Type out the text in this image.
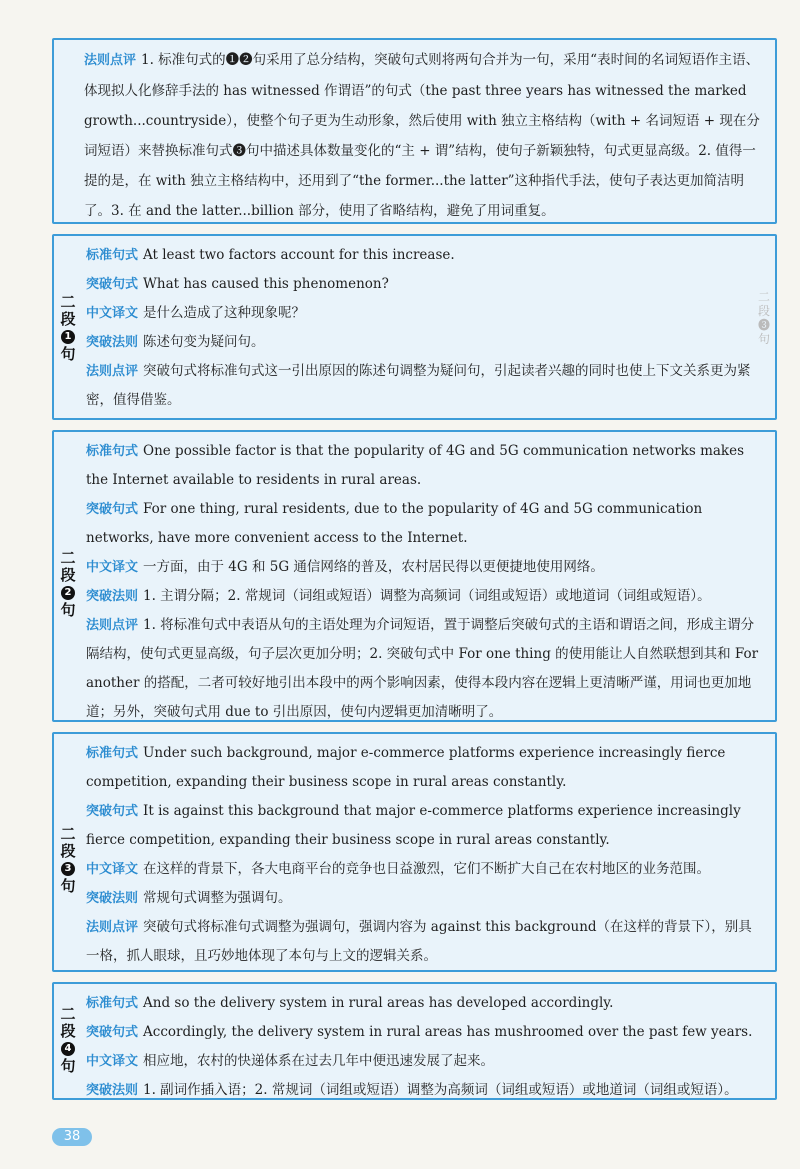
法则点评 1. 标准句式的❶❷句采用了总分结构，突破句式则将两句合并为一句，采用“表时间的名词短语作主语、体现拟人化修辞手法的 has witnessed 作谓语”的句式（the past three years has witnessed the marked growth...countryside），使整个句子更为生动形象，然后使用 with 独立主格结构（with + 名词短语 + 现在分词短语）来替换标准句式❸句中描述具体数量变化的“主 + 谓”结构，使句子新颖独特，句式更显高级。2. 值得一提的是，在 with 独立主格结构中，还用到了“the former...the latter”这种指代手法，使句子表达更加简洁明了。3. 在 and the latter...billion 部分，使用了省略结构，避免了用词重复。

二
段
1
句

标准句式 At least two factors account for this increase.

突破句式 What has caused this phenomenon?

中文译文 是什么造成了这种现象呢？

突破法则 陈述句变为疑问句。

法则点评 突破句式将标准句式这一引出原因的陈述句调整为疑问句，引起读者兴趣的同时也使上下文关系更为紧密，值得借鉴。

二
段
2
句

标准句式 One possible factor is that the popularity of 4G and 5G communication networks makes the Internet available to residents in rural areas.

突破句式 For one thing, rural residents, due to the popularity of 4G and 5G communication networks, have more convenient access to the Internet.

中文译文 一方面，由于 4G 和 5G 通信网络的普及，农村居民得以更便捷地使用网络。

突破法则 1. 主谓分隔；2. 常规词（词组或短语）调整为高频词（词组或短语）或地道词（词组或短语）。

法则点评 1. 将标准句式中表语从句的主语处理为介词短语，置于调整后突破句式的主语和谓语之间，形成主谓分隔结构，使句式更显高级，句子层次更加分明；2. 突破句式中 For one thing 的使用能让人自然联想到其和 For another 的搭配，二者可较好地引出本段中的两个影响因素，使得本段内容在逻辑上更清晰严谨，用词也更加地道；另外，突破句式用 due to 引出原因，使句内逻辑更加清晰明了。

二
段
3
句

标准句式 Under such background, major e-commerce platforms experience increasingly fierce competition, expanding their business scope in rural areas constantly.

突破句式 It is against this background that major e-commerce platforms experience increasingly fierce competition, expanding their business scope in rural areas constantly.

中文译文 在这样的背景下，各大电商平台的竞争也日益激烈，它们不断扩大自己在农村地区的业务范围。

突破法则 常规句式调整为强调句。

法则点评 突破句式将标准句式调整为强调句，强调内容为 against this background（在这样的背景下），别具一格，抓人眼球，且巧妙地体现了本句与上文的逻辑关系。

二
段
4
句

标准句式 And so the delivery system in rural areas has developed accordingly.

突破句式 Accordingly, the delivery system in rural areas has mushroomed over the past few years.

中文译文 相应地，农村的快递体系在过去几年中便迅速发展了起来。

突破法则 1. 副词作插入语；2. 常规词（词组或短语）调整为高频词（词组或短语）或地道词（词组或短语）。

二段❸句
38
